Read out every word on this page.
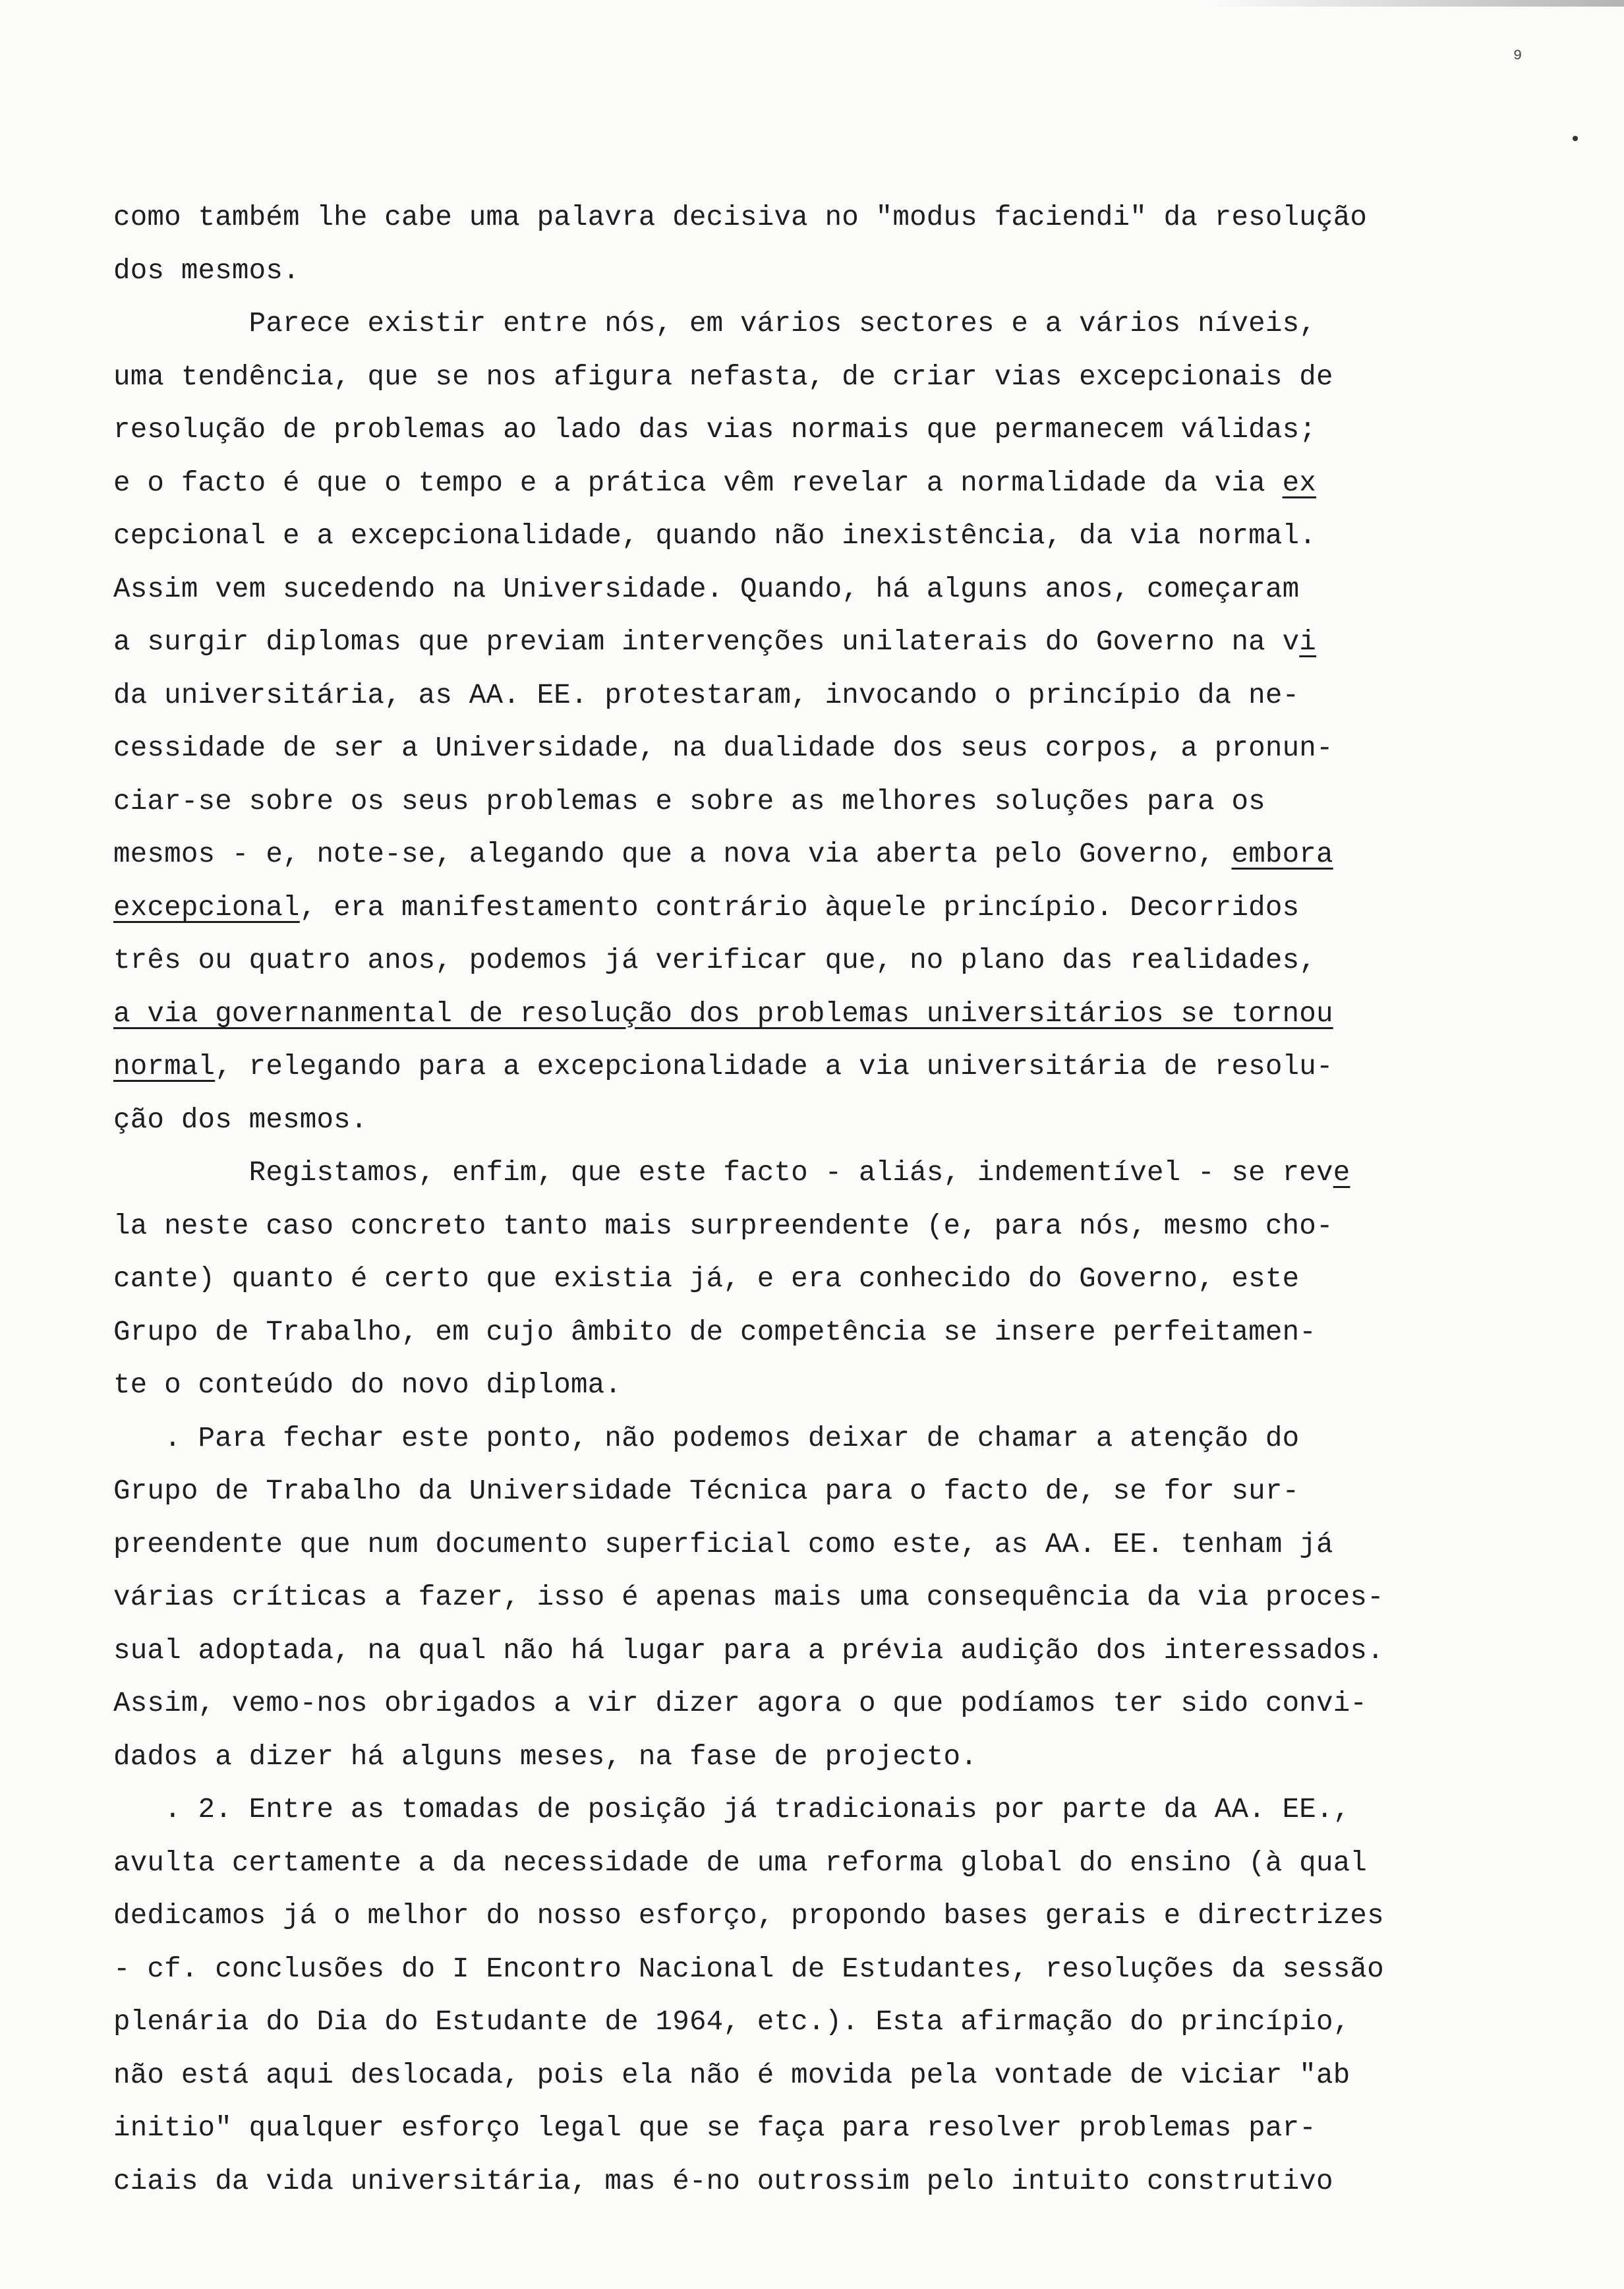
9
como também lhe cabe uma palavra decisiva no "modus faciendi" da resolução
dos mesmos.
Parece existir entre nós, em vários sectores e a vários níveis,
uma tendência, que se nos afigura nefasta, de criar vias excepcionais de
resolução de problemas ao lado das vias normais que permanecem válidas;
e o facto é que o tempo e a prática vêm revelar a normalidade da via ex
cepcional e a excepcionalidade, quando não inexistência, da via normal.
Assim vem sucedendo na Universidade. Quando, há alguns anos, começaram
a surgir diplomas que previam intervenções unilaterais do Governo na vi
da universitária, as AA. EE. protestaram, invocando o princípio da ne-
cessidade de ser a Universidade, na dualidade dos seus corpos, a pronun-
ciar-se sobre os seus problemas e sobre as melhores soluções para os
mesmos - e, note-se, alegando que a nova via aberta pelo Governo, embora
excepcional, era manifestamento contrário àquele princípio. Decorridos
três ou quatro anos, podemos já verificar que, no plano das realidades,
a via governanmental de resolução dos problemas universitários se tornou
normal, relegando para a excepcionalidade a via universitária de resolu-
ção dos mesmos.
Registamos, enfim, que este facto - aliás, indementível - se reve
la neste caso concreto tanto mais surpreendente (e, para nós, mesmo cho-
cante) quanto é certo que existia já, e era conhecido do Governo, este
Grupo de Trabalho, em cujo âmbito de competência se insere perfeitamen-
te o conteúdo do novo diploma.
. Para fechar este ponto, não podemos deixar de chamar a atenção do
Grupo de Trabalho da Universidade Técnica para o facto de, se for sur-
preendente que num documento superficial como este, as AA. EE. tenham já
várias críticas a fazer, isso é apenas mais uma consequência da via proces-
sual adoptada, na qual não há lugar para a prévia audição dos interessados.
Assim, vemo-nos obrigados a vir dizer agora o que podíamos ter sido convi-
dados a dizer há alguns meses, na fase de projecto.
. 2. Entre as tomadas de posição já tradicionais por parte da AA. EE.,
avulta certamente a da necessidade de uma reforma global do ensino (à qual
dedicamos já o melhor do nosso esforço, propondo bases gerais e directrizes
- cf. conclusões do I Encontro Nacional de Estudantes, resoluções da sessão
plenária do Dia do Estudante de 1964, etc.). Esta afirmação do princípio,
não está aqui deslocada, pois ela não é movida pela vontade de viciar "ab
initio" qualquer esforço legal que se faça para resolver problemas par-
ciais da vida universitária, mas é-no outrossim pelo intuito construtivo
